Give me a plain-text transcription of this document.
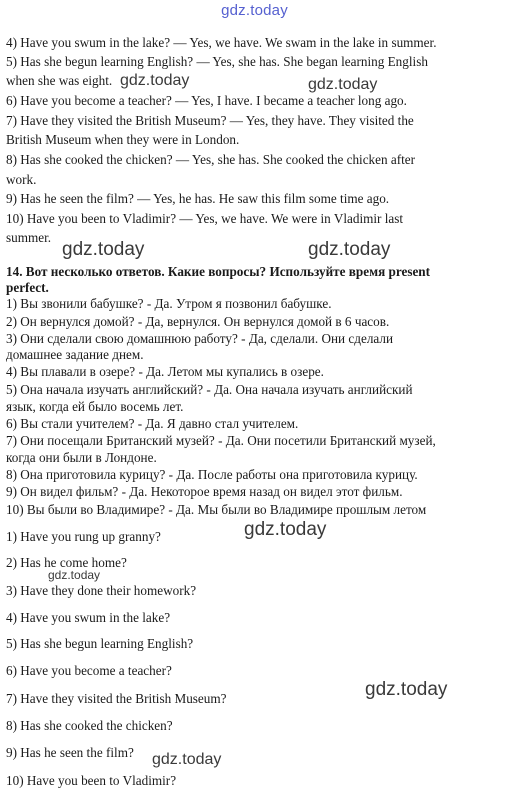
gdz.today
4) Have you swum in the lake? — Yes, we have. We swam in the lake in summer.
5) Has she begun learning English? — Yes, she has. She began learning English
when she was eight.
6) Have you become a teacher? — Yes, I have. I became a teacher long ago.
7) Have they visited the British Museum? — Yes, they have. They visited the
British Museum when they were in London.
8) Has she cooked the chicken? — Yes, she has. She cooked the chicken after
work.
9) Has he seen the film? — Yes, he has. He saw this film some time ago.
10) Have you been to Vladimir? — Yes, we have. We were in Vladimir last
summer.
14. Вот несколько ответов. Какие вопросы? Используйте время present
perfect.
1) Вы звонили бабушке? - Да. Утром я позвонил бабушке.
2) Он вернулся домой? - Да, вернулся. Он вернулся домой в 6 часов.
3) Они сделали свою домашнюю работу? - Да, сделали. Они сделали
домашнее задание днем.
4) Вы плавали в озере? - Да. Летом мы купались в озере.
5) Она начала изучать английский? - Да. Она начала изучать английский
язык, когда ей было восемь лет.
6) Вы стали учителем? - Да. Я давно стал учителем.
7) Они посещали Британский музей? - Да. Они посетили Британский музей,
когда они были в Лондоне.
8) Она приготовила курицу? - Да. После работы она приготовила курицу.
9) Он видел фильм? - Да. Некоторое время назад он видел этот фильм.
10) Вы были во Владимире? - Да. Мы были во Владимире прошлым летом
1) Have you rung up granny?
2) Has he come home?
3) Have they done their homework?
4) Have you swum in the lake?
5) Has she begun learning English?
6) Have you become a teacher?
7) Have they visited the British Museum?
8) Has she cooked the chicken?
9) Has he seen the film?
10) Have you been to Vladimir?
gdz.today	gdz.today
gdz.today	gdz.today
gdz.today
gdz.today
gdz.today
gdz.today
